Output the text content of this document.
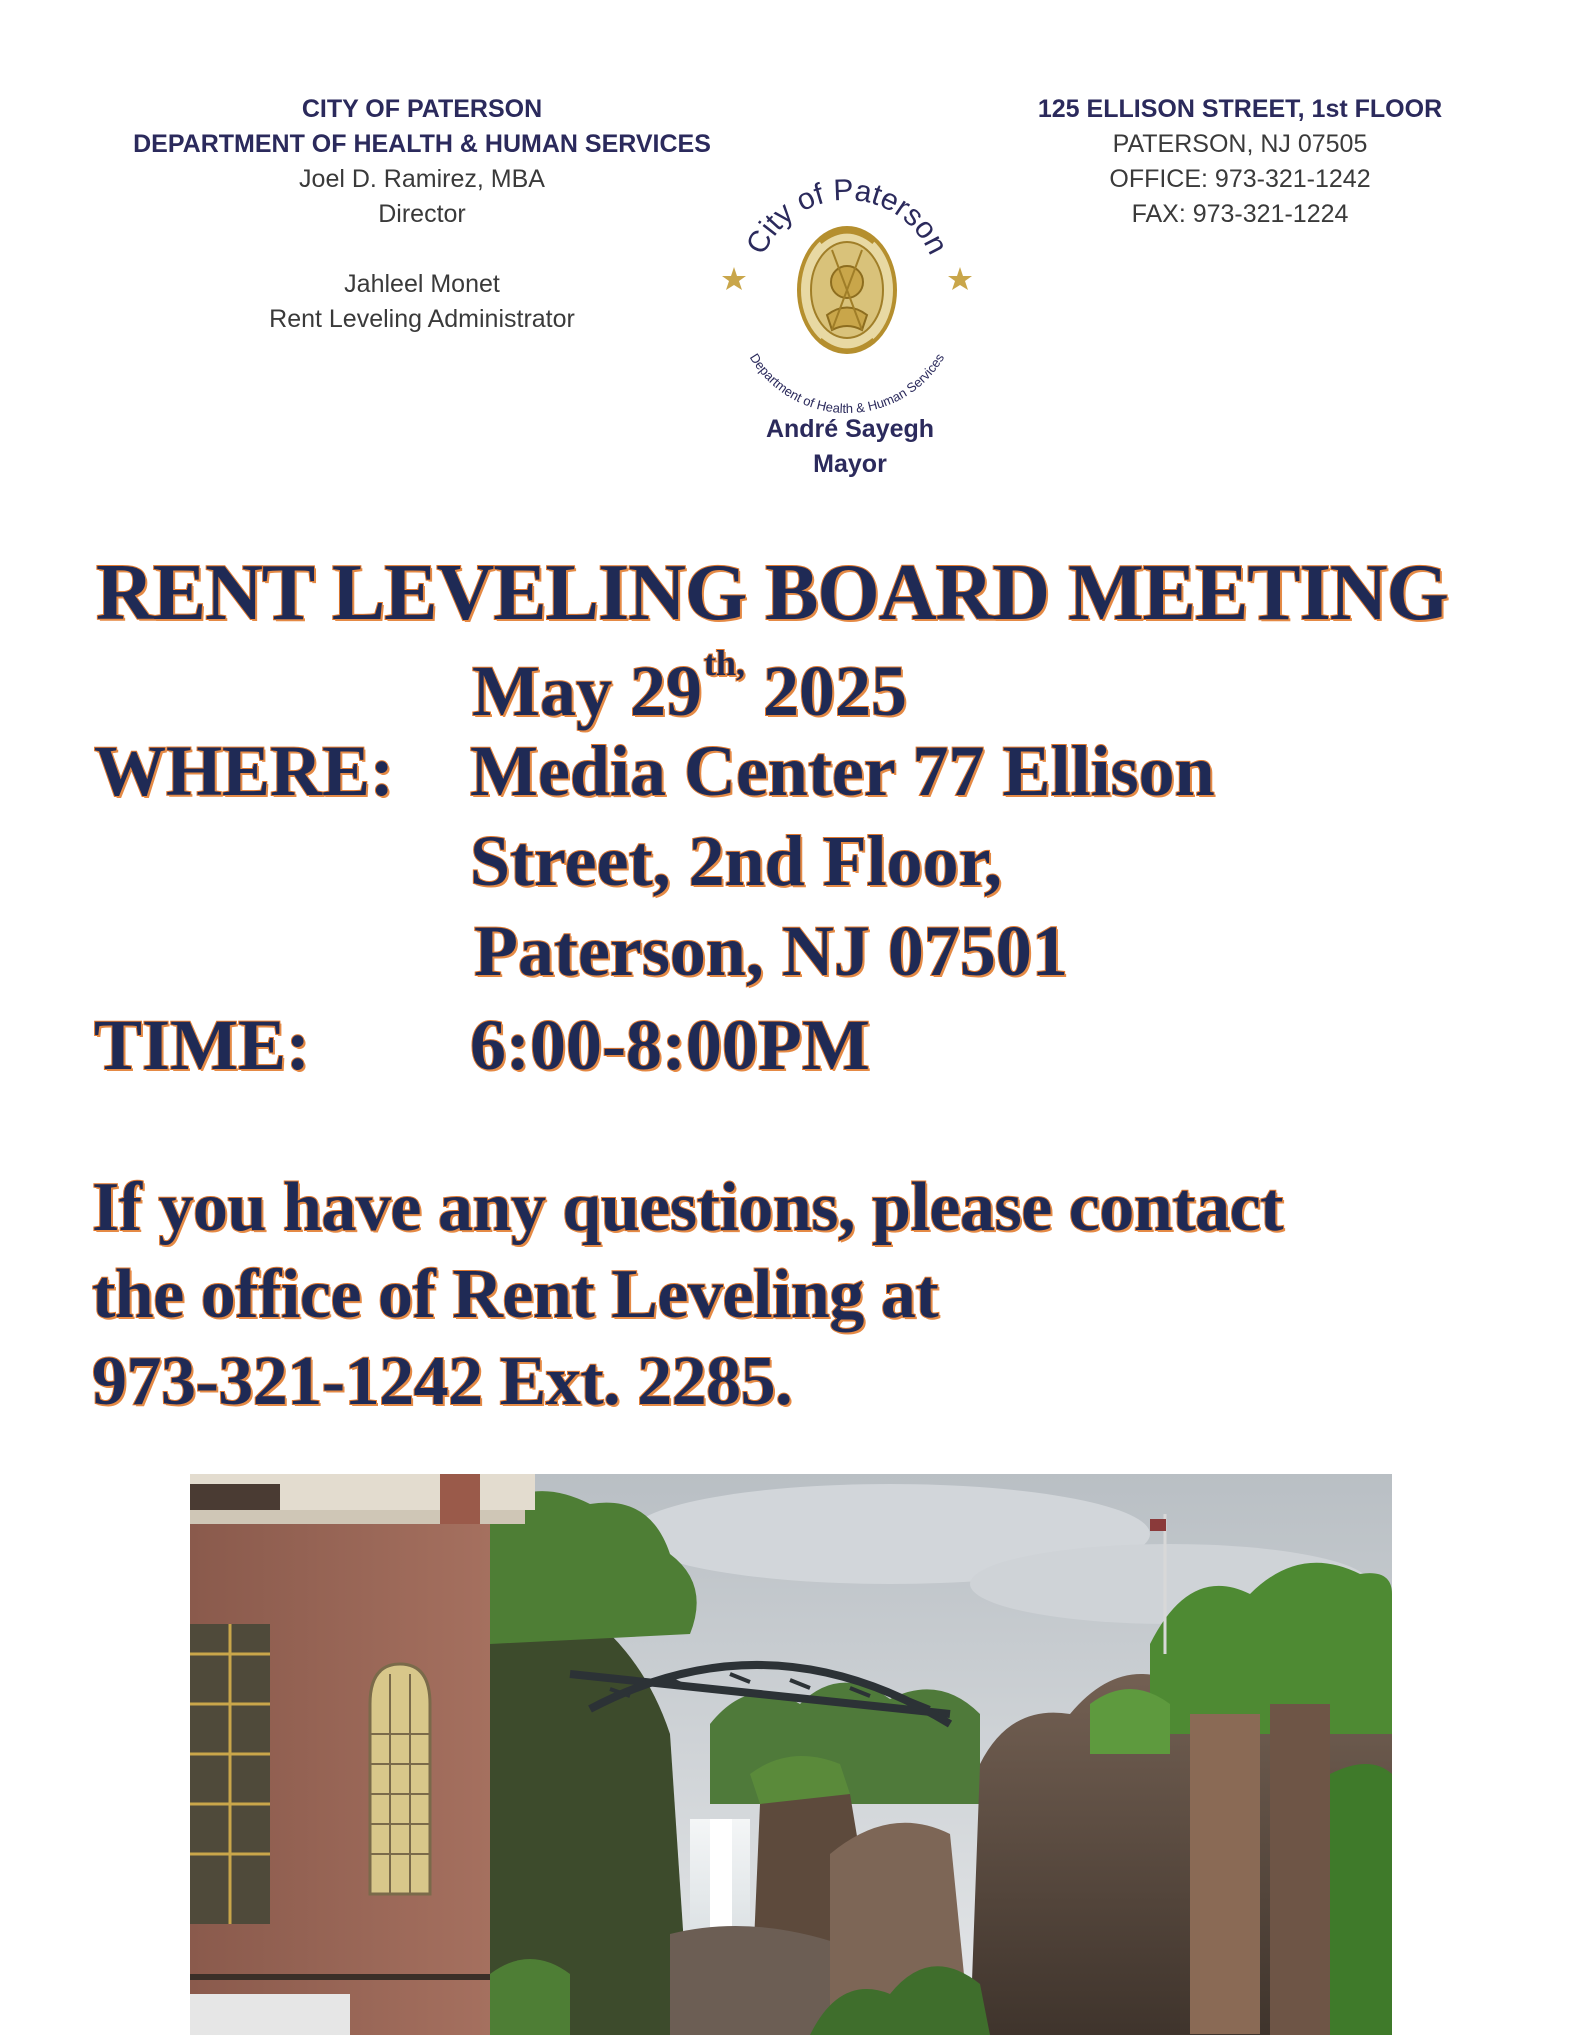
CITY OF PATERSON
DEPARTMENT OF HEALTH & HUMAN SERVICES
Joel D. Ramirez, MBA
Director
Jahleel Monet
Rent Leveling Administrator
125 ELLISON STREET, 1st FLOOR
PATERSON, NJ 07505
OFFICE: 973-321-1242
FAX: 973-321-1224
City of Paterson
Department of Health & Human Services
André Sayegh
Mayor
RENT LEVELING BOARD MEETING
May $29^{th,}$ 2025
WHERE: Media Center 77 Ellison
Street, 2nd Floor,
Paterson, NJ 07501
TIME: 6:00-8:00PM
If you have any questions, please contact
the office of Rent Leveling at
973-321-1242 Ext. 2285.
